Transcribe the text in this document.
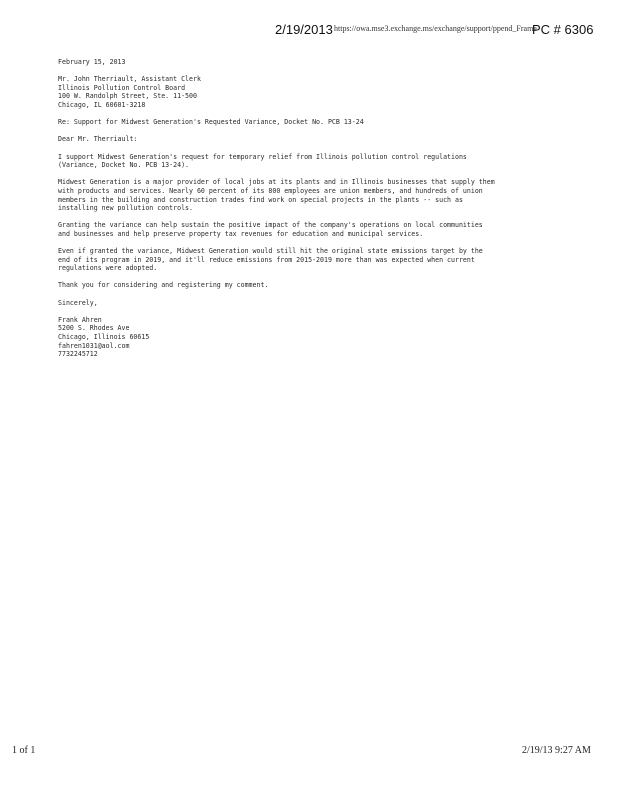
2/19/2013 https://owa.mse3.exchange.ms/exchange/support/ppend_Frame
PC # 6306
February 15, 2013
Mr. John Therriault, Assistant Clerk
Illinois Pollution Control Board
100 W. Randolph Street, Ste. 11-500
Chicago, IL 60601-3218
Re: Support for Midwest Generation's Requested Variance, Docket No. PCB 13-24
Dear Mr. Therriault:
I support Midwest Generation's request for temporary relief from Illinois pollution control regulations
(Variance, Docket No. PCB 13-24).
Midwest Generation is a major provider of local jobs at its plants and in Illinois businesses that supply them
with products and services. Nearly 60 percent of its 800 employees are union members, and hundreds of union
members in the building and construction trades find work on special projects in the plants -- such as
installing new pollution controls.
Granting the variance can help sustain the positive impact of the company's operations on local communities
and businesses and help preserve property tax revenues for education and municipal services.
Even if granted the variance, Midwest Generation would still hit the original state emissions target by the
end of its program in 2019, and it'll reduce emissions from 2015-2019 more than was expected when current
regulations were adopted.
Thank you for considering and registering my comment.
Sincerely,
Frank Ahren
5200 S. Rhodes Ave
Chicago, Illinois 60615
fahren1031@aol.com
7732245712
1 of 1	2/19/13 9:27 AM
